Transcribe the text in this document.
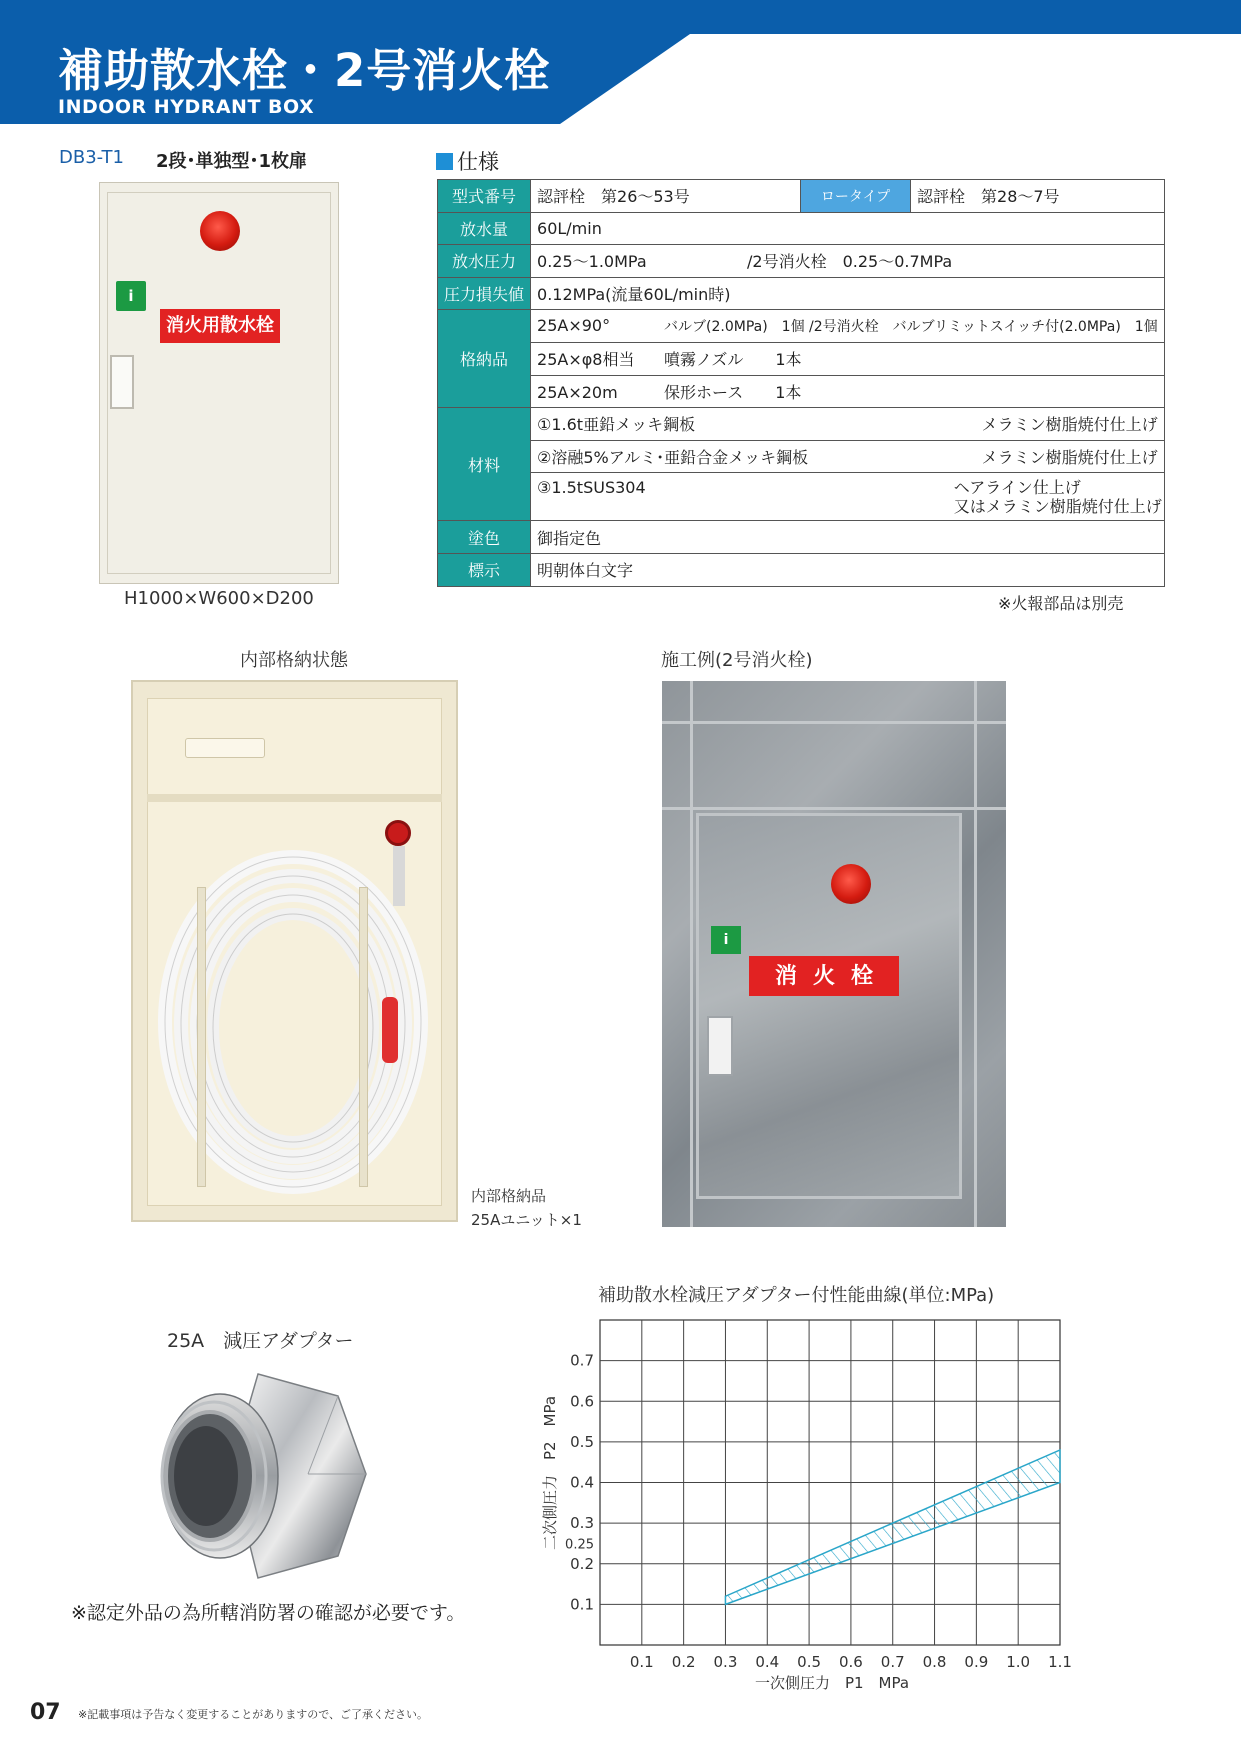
補助散水栓・2号消火栓
INDOOR HYDRANT BOX
DB3-T1 2段･単独型･1枚扉
i
消火用散水栓
H1000×W600×D200
仕様
型式番号	認評栓　第26～53号	ロータイプ	認評栓　第28～7号
放水量	60L/min		
放水圧力	0.25～1.0MPa /2号消火栓　0.25～0.7MPa		
圧力損失値	0.12MPa(流量60L/min時)		
格納品	25A×90° バルブ(2.0MPa)　1個 /2号消火栓　バルブリミットスイッチ付(2.0MPa)　1個		
	25A×φ8相当 噴霧ノズル　　1本		
	25A×20m 保形ホース　　1本		
材料	①1.6t亜鉛メッキ鋼板 メラミン樹脂焼付仕上げ		

	②溶融5%アルミ･亜鉛合金メッキ鋼板 メラミン樹脂焼付仕上げ		

	③1.5tSUS304 ヘアライン仕上げ
又はメラミン樹脂焼付仕上げ		

塗色	御指定色		
標示	明朝体白文字		
※火報部品は別売
内部格納状態
内部格納品
25Aユニット×1
施工例(2号消火栓)
i
消火栓
25A　減圧アダプター
※認定外品の為所轄消防署の確認が必要です。
補助散水栓減圧アダプター付性能曲線(単位:MPa)
0.1 0.2 0.3 0.4 0.5 0.6 0.7 0.8 0.9 1.0 1.1
0.1
0.2
0.25
0.3
0.4
0.5
0.6
0.7
一次側圧力　P1　MPa
二次側圧力　P2　MPa
07 ※記載事項は予告なく変更することがありますので、ご了承ください。
